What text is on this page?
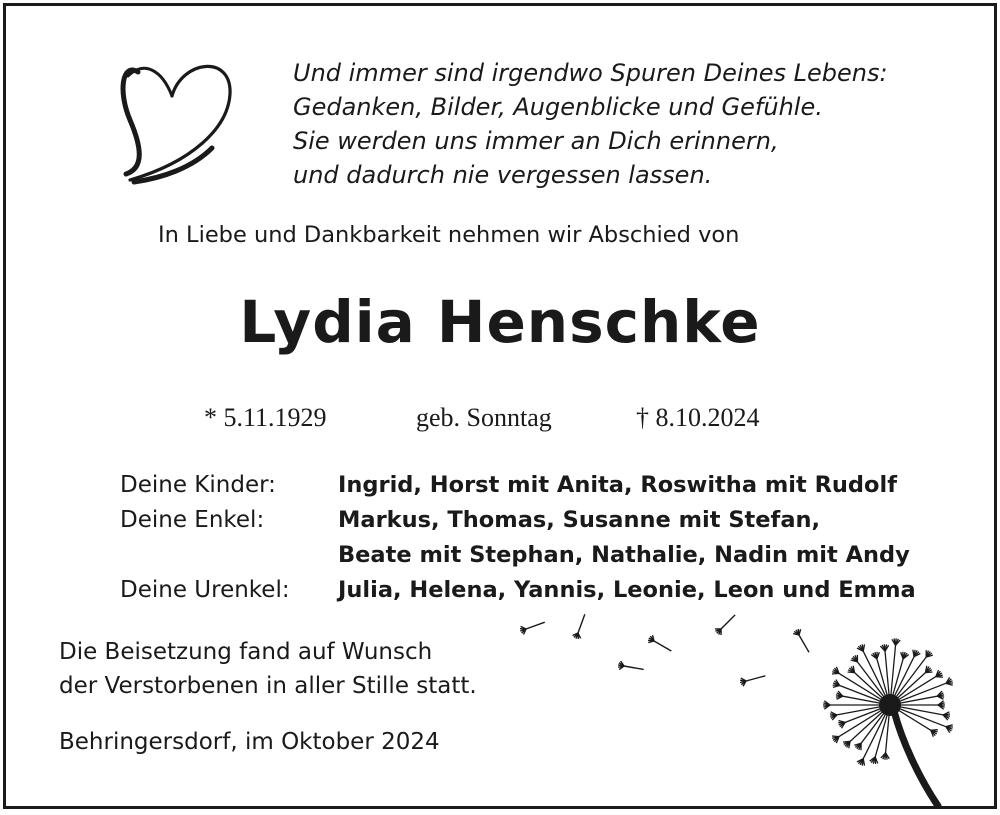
Und immer sind irgendwo Spuren Deines Lebens:
Gedanken, Bilder, Augenblicke und Gefühle.
Sie werden uns immer an Dich erinnern,
und dadurch nie vergessen lassen.
In Liebe und Dankbarkeit nehmen wir Abschied von
Lydia Henschke
* 5.11.1929	geb. Sonntag	† 8.10.2024
Deine Kinder:	Ingrid, Horst mit Anita, Roswitha mit Rudolf
Deine Enkel:	Markus, Thomas, Susanne mit Stefan,
Beate mit Stephan, Nathalie, Nadin mit Andy
Deine Urenkel: Julia, Helena, Yannis, Leonie, Leon und Emma
Die Beisetzung fand auf Wunsch
der Verstorbenen in aller Stille statt.
Behringersdorf, im Oktober 2024
